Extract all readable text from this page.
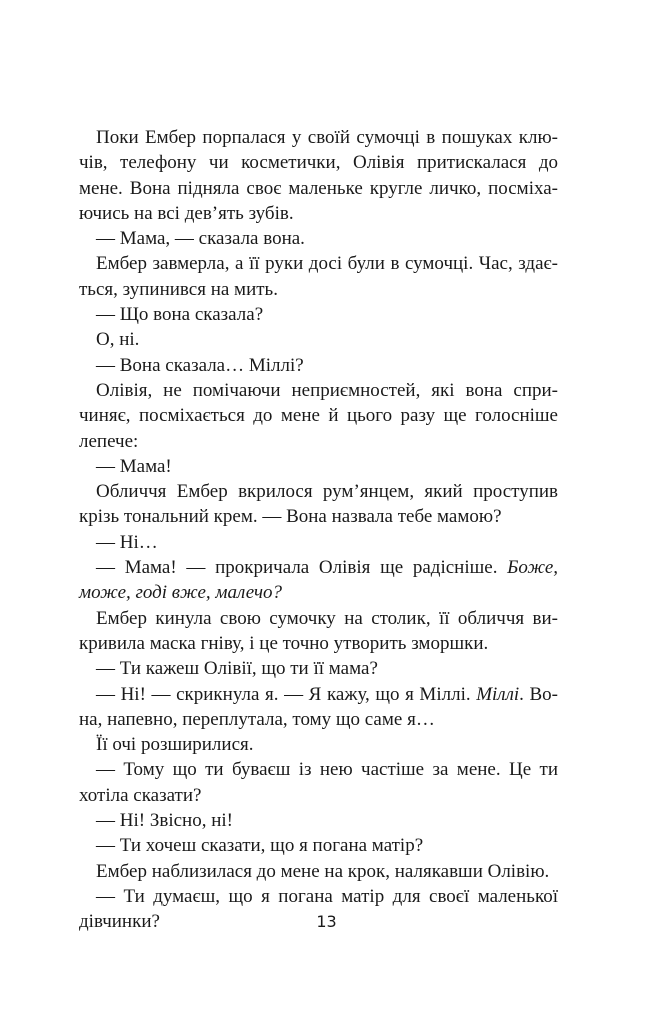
Поки Ембер порпалася у своїй сумочці в пошуках клю-
чів, телефону чи косметички, Олівія притискалася до
мене. Вона підняла своє маленьке кругле личко, посміха-
ючись на всі дев’ять зубів.
— Мама, — сказала вона.
Ембер завмерла, а її руки досі були в сумочці. Час, здає-
ться, зупинився на мить.
— Що вона сказала?
О, ні.
— Вона сказала… Міллі?
Олівія, не помічаючи неприємностей, які вона спри-
чиняє, посміхається до мене й цього разу ще голосніше
лепече:
— Мама!
Обличчя Ембер вкрилося рум’янцем, який проступив
крізь тональний крем. — Вона назвала тебе мамою?
— Ні…
— Мама! — прокричала Олівія ще радісніше. Боже,
може, годі вже, малечо?
Ембер кинула свою сумочку на столик, її обличчя ви-
кривила маска гніву, і це точно утворить зморшки.
— Ти кажеш Олівії, що ти її мама?
— Ні! — скрикнула я. — Я кажу, що я Міллі. Міллі. Во-
на, напевно, переплутала, тому що саме я…
Її очі розширилися.
— Тому що ти буваєш із нею частіше за мене. Це ти
хотіла сказати?
— Ні! Звісно, ні!
— Ти хочеш сказати, що я погана матір?
Ембер наблизилася до мене на крок, налякавши Олівію.
— Ти думаєш, що я погана матір для своєї маленької
дівчинки?	13
